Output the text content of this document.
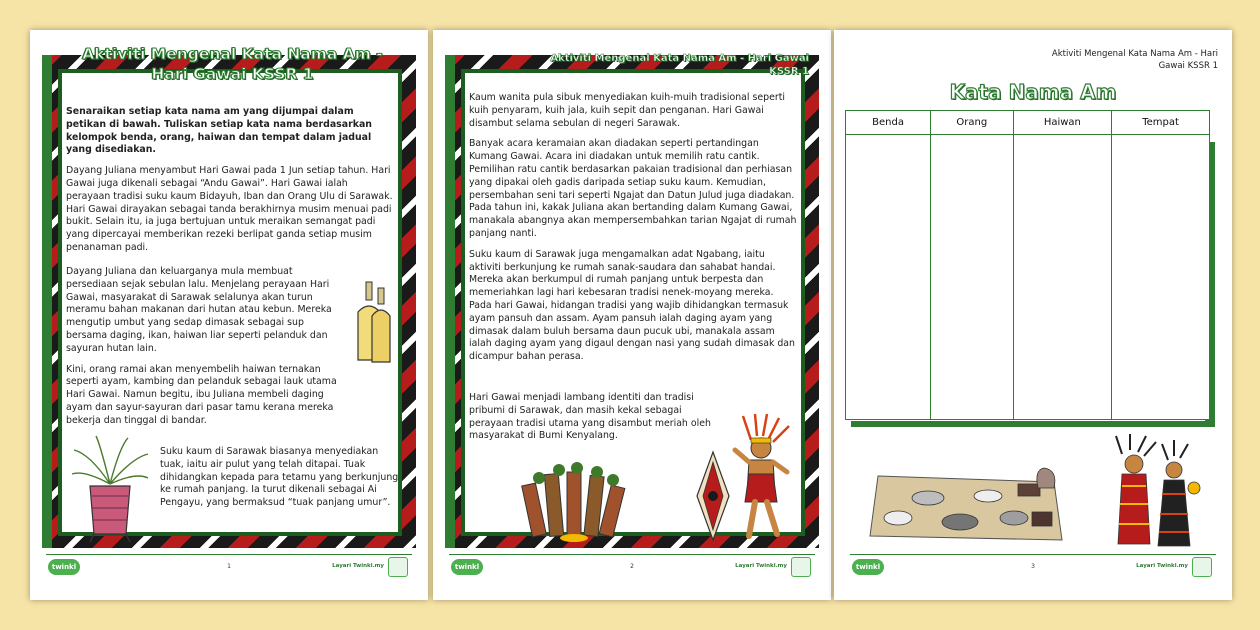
Aktiviti Mengenal Kata Nama Am - Hari Gawai KSSR 1

Senaraikan setiap kata nama am yang dijumpai dalam petikan di bawah. Tuliskan setiap kata nama berdasarkan kelompok benda, orang, haiwan dan tempat dalam jadual yang disediakan.

Dayang Juliana menyambut Hari Gawai pada 1 Jun setiap tahun. Hari Gawai juga dikenali sebagai “Andu Gawai”. Hari Gawai ialah perayaan tradisi suku kaum Bidayuh, Iban dan Orang Ulu di Sarawak. Hari Gawai dirayakan sebagai tanda berakhirnya musim menuai padi bukit. Selain itu, ia juga bertujuan untuk meraikan semangat padi yang dipercayai memberikan rezeki berlipat ganda setiap musim penanaman padi.

Dayang Juliana dan keluarganya mula membuat persediaan sejak sebulan lalu. Menjelang perayaan Hari Gawai, masyarakat di Sarawak selalunya akan turun meramu bahan makanan dari hutan atau kebun. Mereka mengutip umbut yang sedap dimasak sebagai sup bersama daging, ikan, haiwan liar seperti pelanduk dan sayuran hutan lain.

Kini, orang ramai akan menyembelih haiwan ternakan seperti ayam, kambing dan pelanduk sebagai lauk utama Hari Gawai. Namun begitu, ibu Juliana membeli daging ayam dan sayur-sayuran dari pasar tamu kerana mereka bekerja dan tinggal di bandar.

Suku kaum di Sarawak biasanya menyediakan tuak, iaitu air pulut yang telah ditapai. Tuak dihidangkan kepada para tetamu yang berkunjung ke rumah panjang. Ia turut dikenali sebagai Ai Pengayu, yang bermaksud “tuak panjang umur”.

twinkl	1	Layari Twinkl.my
Aktiviti Mengenal Kata Nama Am - Hari Gawai KSSR 1

Kaum wanita pula sibuk menyediakan kuih-muih tradisional seperti kuih penyaram, kuih jala, kuih sepit dan penganan. Hari Gawai disambut selama sebulan di negeri Sarawak.

Banyak acara keramaian akan diadakan seperti pertandingan Kumang Gawai. Acara ini diadakan untuk memilih ratu cantik. Pemilihan ratu cantik berdasarkan pakaian tradisional dan perhiasan yang dipakai oleh gadis daripada setiap suku kaum. Kemudian, persembahan seni tari seperti Ngajat dan Datun Julud juga diadakan. Pada tahun ini, kakak Juliana akan bertanding dalam Kumang Gawai, manakala abangnya akan mempersembahkan tarian Ngajat di rumah panjang nanti.

Suku kaum di Sarawak juga mengamalkan adat Ngabang, iaitu aktiviti berkunjung ke rumah sanak-saudara dan sahabat handai. Mereka akan berkumpul di rumah panjang untuk berpesta dan memeriahkan lagi hari kebesaran tradisi nenek-moyang mereka. Pada hari Gawai, hidangan tradisi yang wajib dihidangkan termasuk ayam pansuh dan assam. Ayam pansuh ialah daging ayam yang dimasak dalam buluh bersama daun pucuk ubi, manakala assam ialah daging ayam yang digaul dengan nasi yang sudah dimasak dan dicampur bahan perasa.

Hari Gawai menjadi lambang identiti dan tradisi pribumi di Sarawak, dan masih kekal sebagai perayaan tradisi utama yang disambut meriah oleh masyarakat di Bumi Kenyalang.

twinkl	2	Layari Twinkl.my
Aktiviti Mengenal Kata Nama Am - Hari Gawai KSSR 1
Kata Nama Am
Benda	Orang	Haiwan	Tempat

twinkl	3	Layari Twinkl.my
